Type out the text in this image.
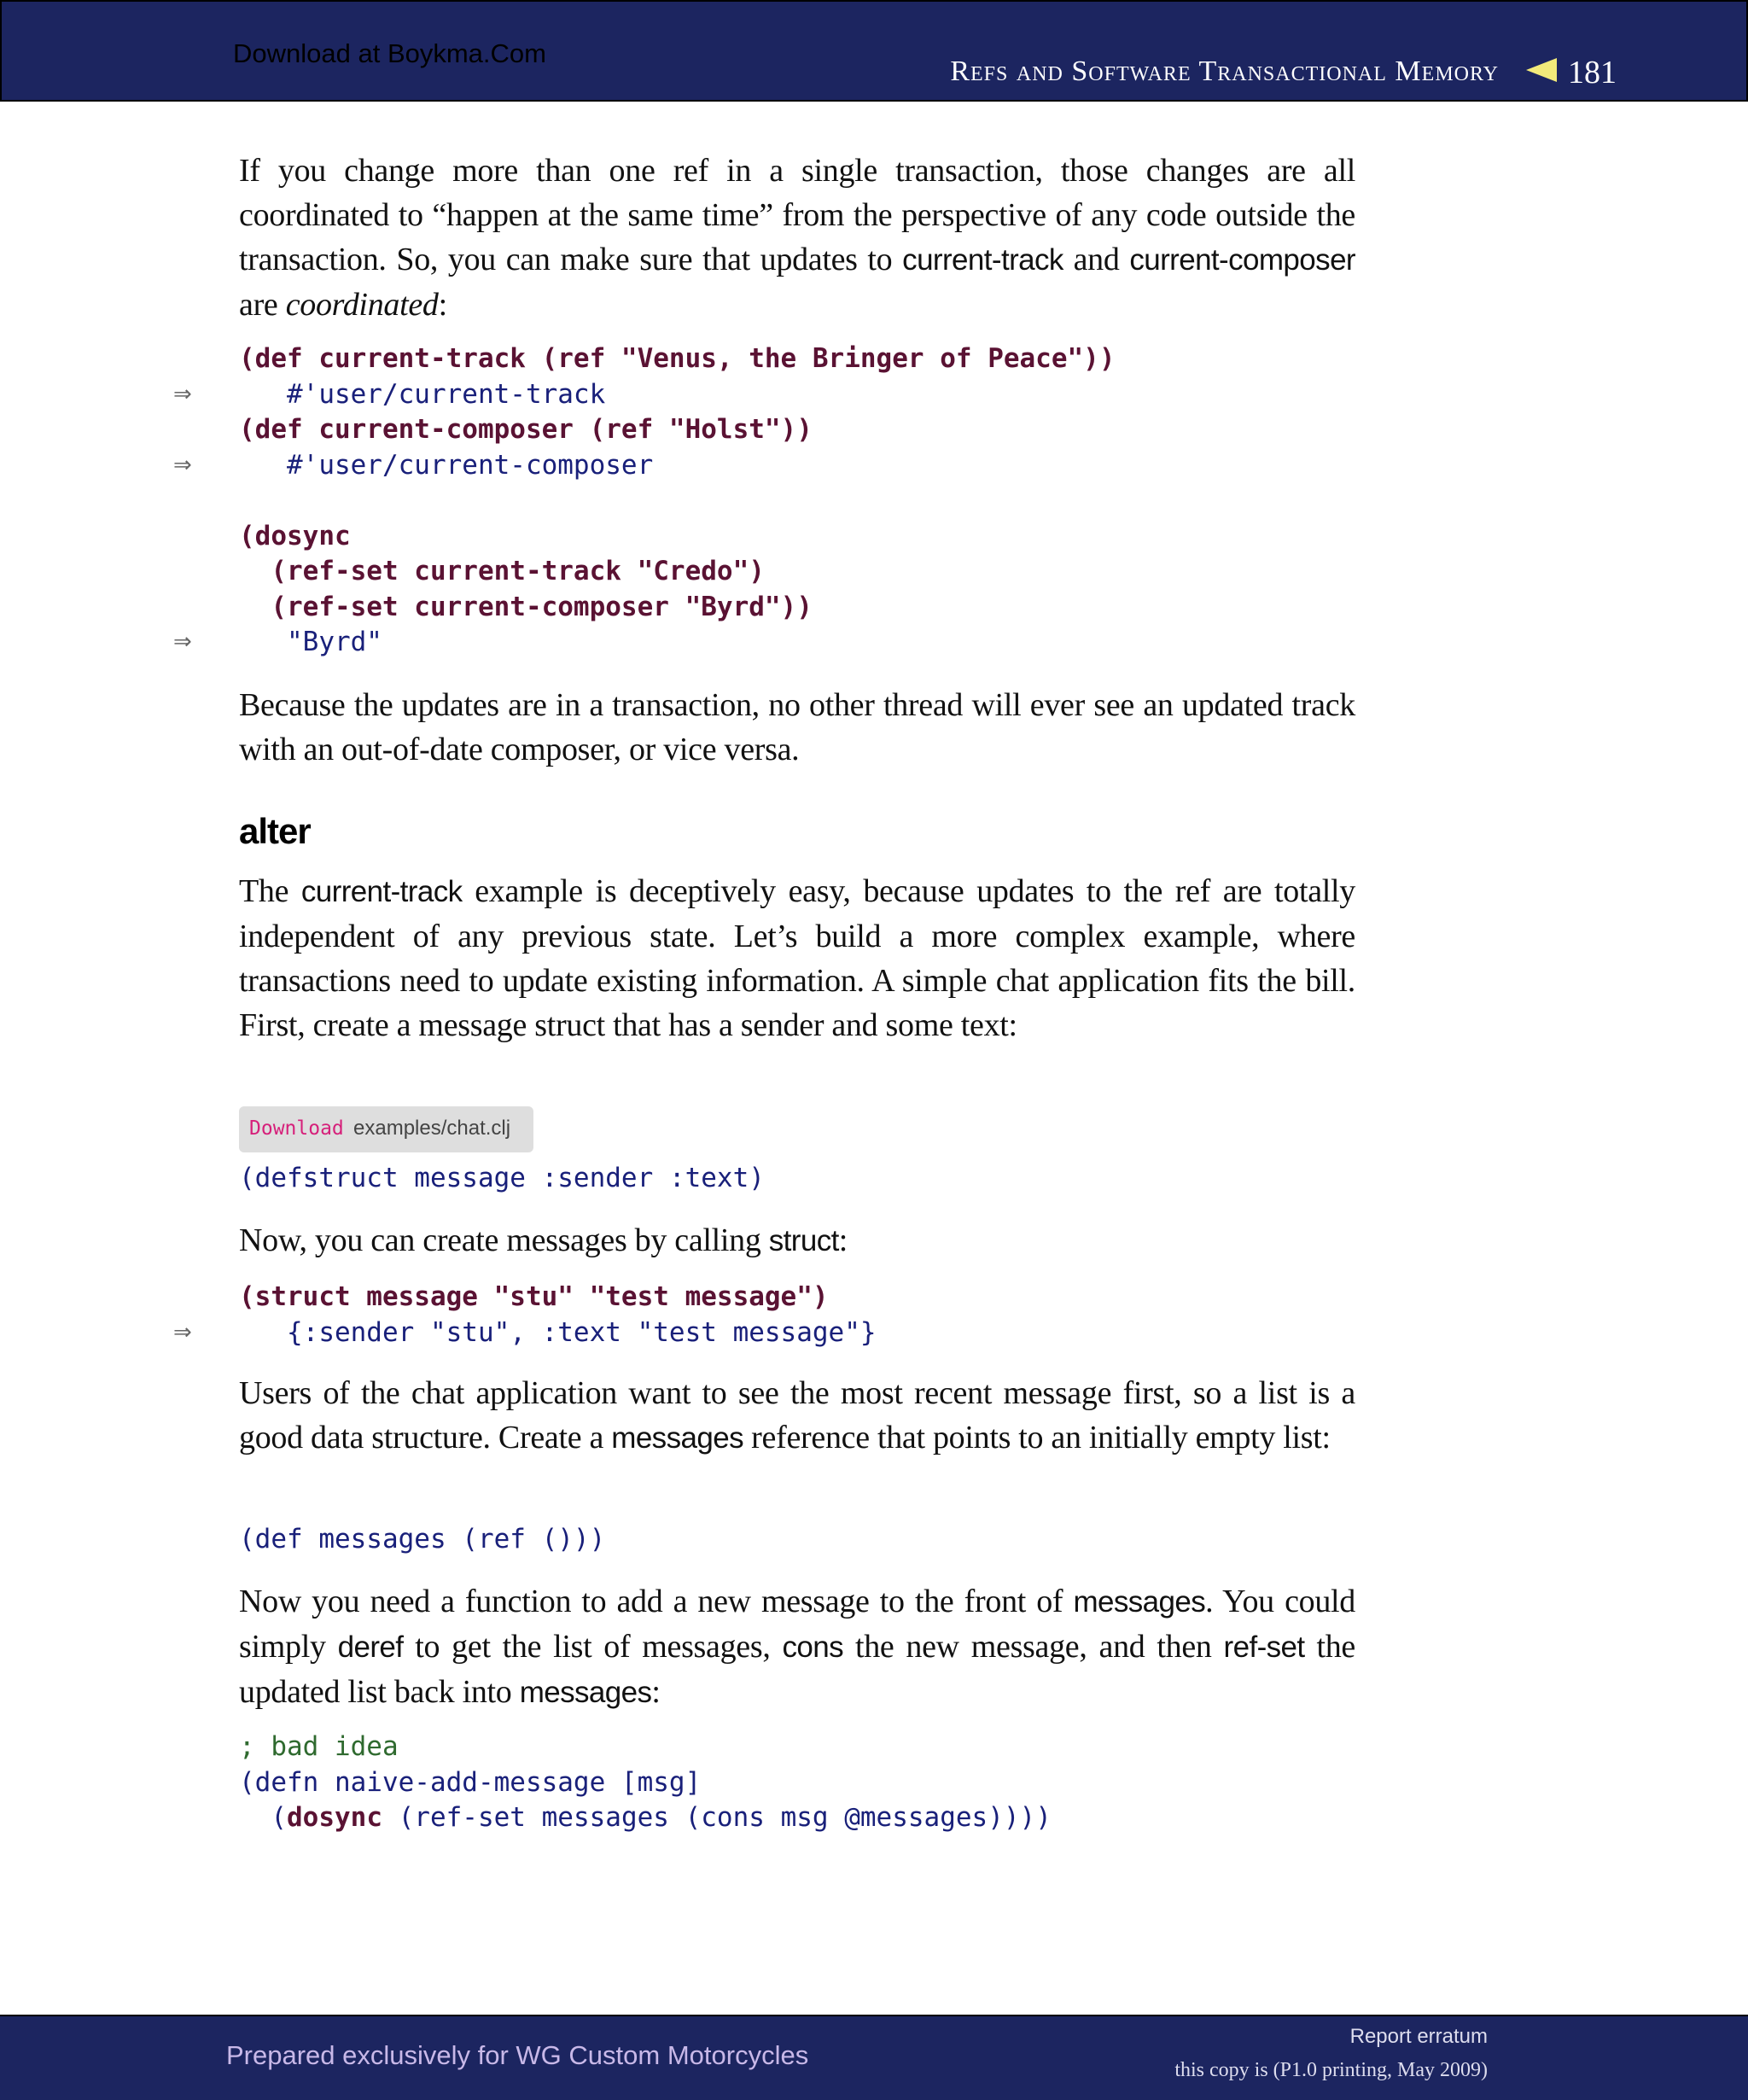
Download at Boykma.Com
Refs and Software Transactional Memory 181

If you change more than one ref in a single transaction, those changes are all coordinated to “happen at the same time” from the perspective of any code outside the transaction. So, you can make sure that updates to current-track and current-composer are coordinated:

(def current-track (ref "Venus, the Bringer of Peace"))
#'user/current-track
(def current-composer (ref "Holst"))
#'user/current-composer

(dosync
(ref-set current-track "Credo")
(ref-set current-composer "Byrd"))
"Byrd"
⇒
⇒
⇒

Because the updates are in a transaction, no other thread will ever see an updated track with an out-of-date composer, or vice versa.

alter

The current-track example is deceptively easy, because updates to the ref are totally independent of any previous state. Let’s build a more complex example, where transactions need to update existing information. A simple chat application fits the bill. First, create a message struct that has a sender and some text:

Download examples/chat.clj
(defstruct message :sender :text)

Now, you can create messages by calling struct:

(struct message "stu" "test message")
{:sender "stu", :text "test message"}
⇒

Users of the chat application want to see the most recent message first, so a list is a good data structure. Create a messages reference that points to an initially empty list:

(def messages (ref ()))

Now you need a function to add a new message to the front of messages. You could simply deref to get the list of messages, cons the new message, and then ref-set the updated list back into messages:

; bad idea
(defn naive-add-message [msg]
(dosync (ref-set messages (cons msg @messages))))
Prepared exclusively for WG Custom Motorcycles
Report erratum
this copy is (P1.0 printing, May 2009)
